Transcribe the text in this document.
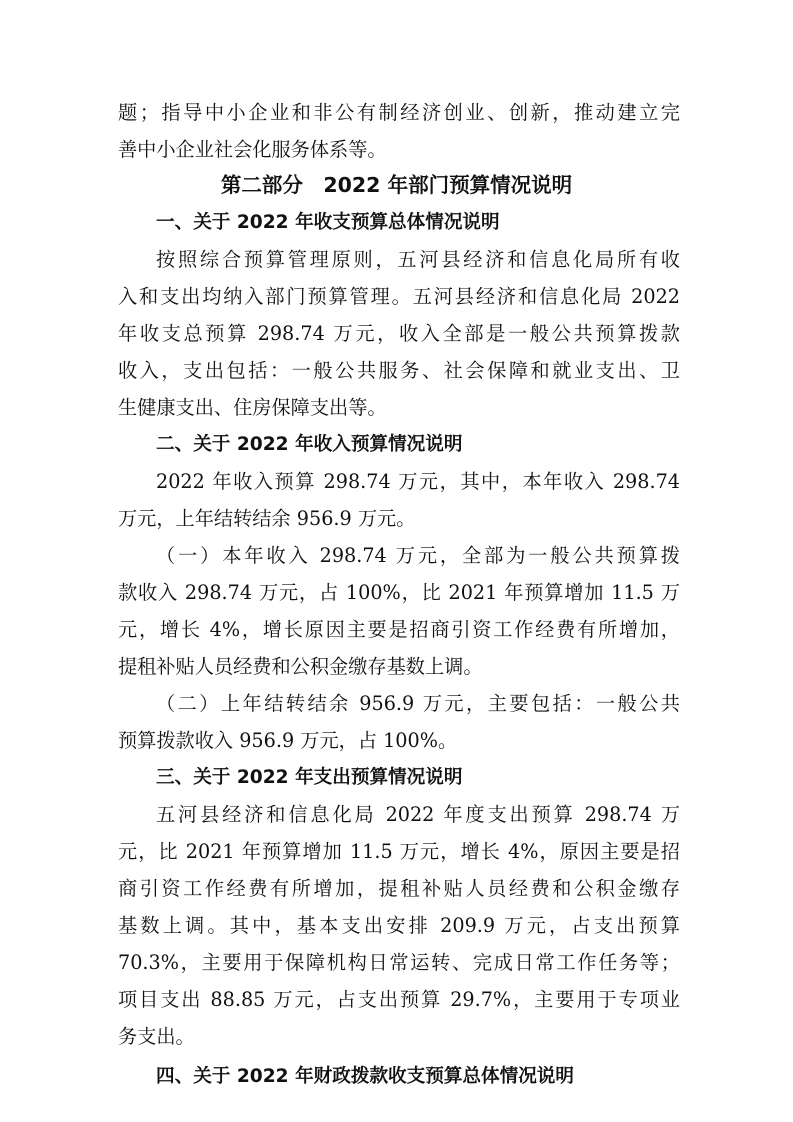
题；指导中小企业和非公有制经济创业、创新，推动建立完
善中小企业社会化服务体系等。
第二部分　2022 年部门预算情况说明
一、关于 2022 年收支预算总体情况说明
按照综合预算管理原则，五河县经济和信息化局所有收
入和支出均纳入部门预算管理。五河县经济和信息化局 2022
年收支总预算 298.74 万元，收入全部是一般公共预算拨款
收入，支出包括：一般公共服务、社会保障和就业支出、卫
生健康支出、住房保障支出等。
二、关于 2022 年收入预算情况说明
2022 年收入预算 298.74 万元，其中，本年收入 298.74
万元，上年结转结余 956.9 万元。
（一）本年收入 298.74 万元，全部为一般公共预算拨
款收入 298.74 万元，占 100%，比 2021 年预算增加 11.5 万
元，增长 4%，增长原因主要是招商引资工作经费有所增加，
提租补贴人员经费和公积金缴存基数上调。
（二）上年结转结余 956.9 万元，主要包括：一般公共
预算拨款收入 956.9 万元，占 100%。
三、关于 2022 年支出预算情况说明
五河县经济和信息化局 2022 年度支出预算 298.74 万
元，比 2021 年预算增加 11.5 万元，增长 4%，原因主要是招
商引资工作经费有所增加，提租补贴人员经费和公积金缴存
基数上调。其中，基本支出安排 209.9 万元，占支出预算
70.3%，主要用于保障机构日常运转、完成日常工作任务等；
项目支出 88.85 万元，占支出预算 29.7%，主要用于专项业
务支出。
四、关于 2022 年财政拨款收支预算总体情况说明
